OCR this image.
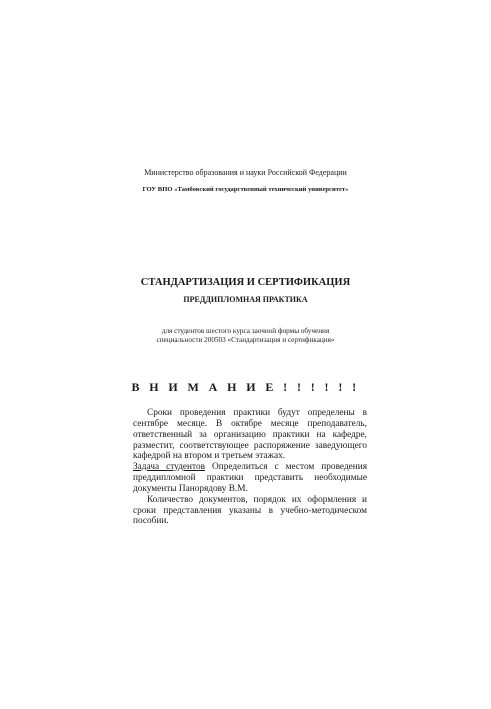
Министерство образования и науки Российской Федерации
ГОУ ВПО «Тамбовский государственный технический университет»
СТАНДАРТИЗАЦИЯ И СЕРТИФИКАЦИЯ
ПРЕДДИПЛОМНАЯ ПРАКТИКА
для студентов шестого курса заочной формы обучения
специальности 200503 «Стандартизация и сертификация»
В Н И М А Н И Е ! ! ! ! ! !

Сроки проведения практики будут определены в сентябре месяце. В октябре месяце преподаватель, ответственный за организацию практики на кафедре, разместит, соответствующее распоряжение заведующего кафедрой на втором и третьем этажах.

Задача студентов Определиться с местом проведения преддипломной практики представить необходимые документы Панорядову В.М.

Количество документов, порядок их оформления и сроки представления указаны в учебно-методическом пособии.
